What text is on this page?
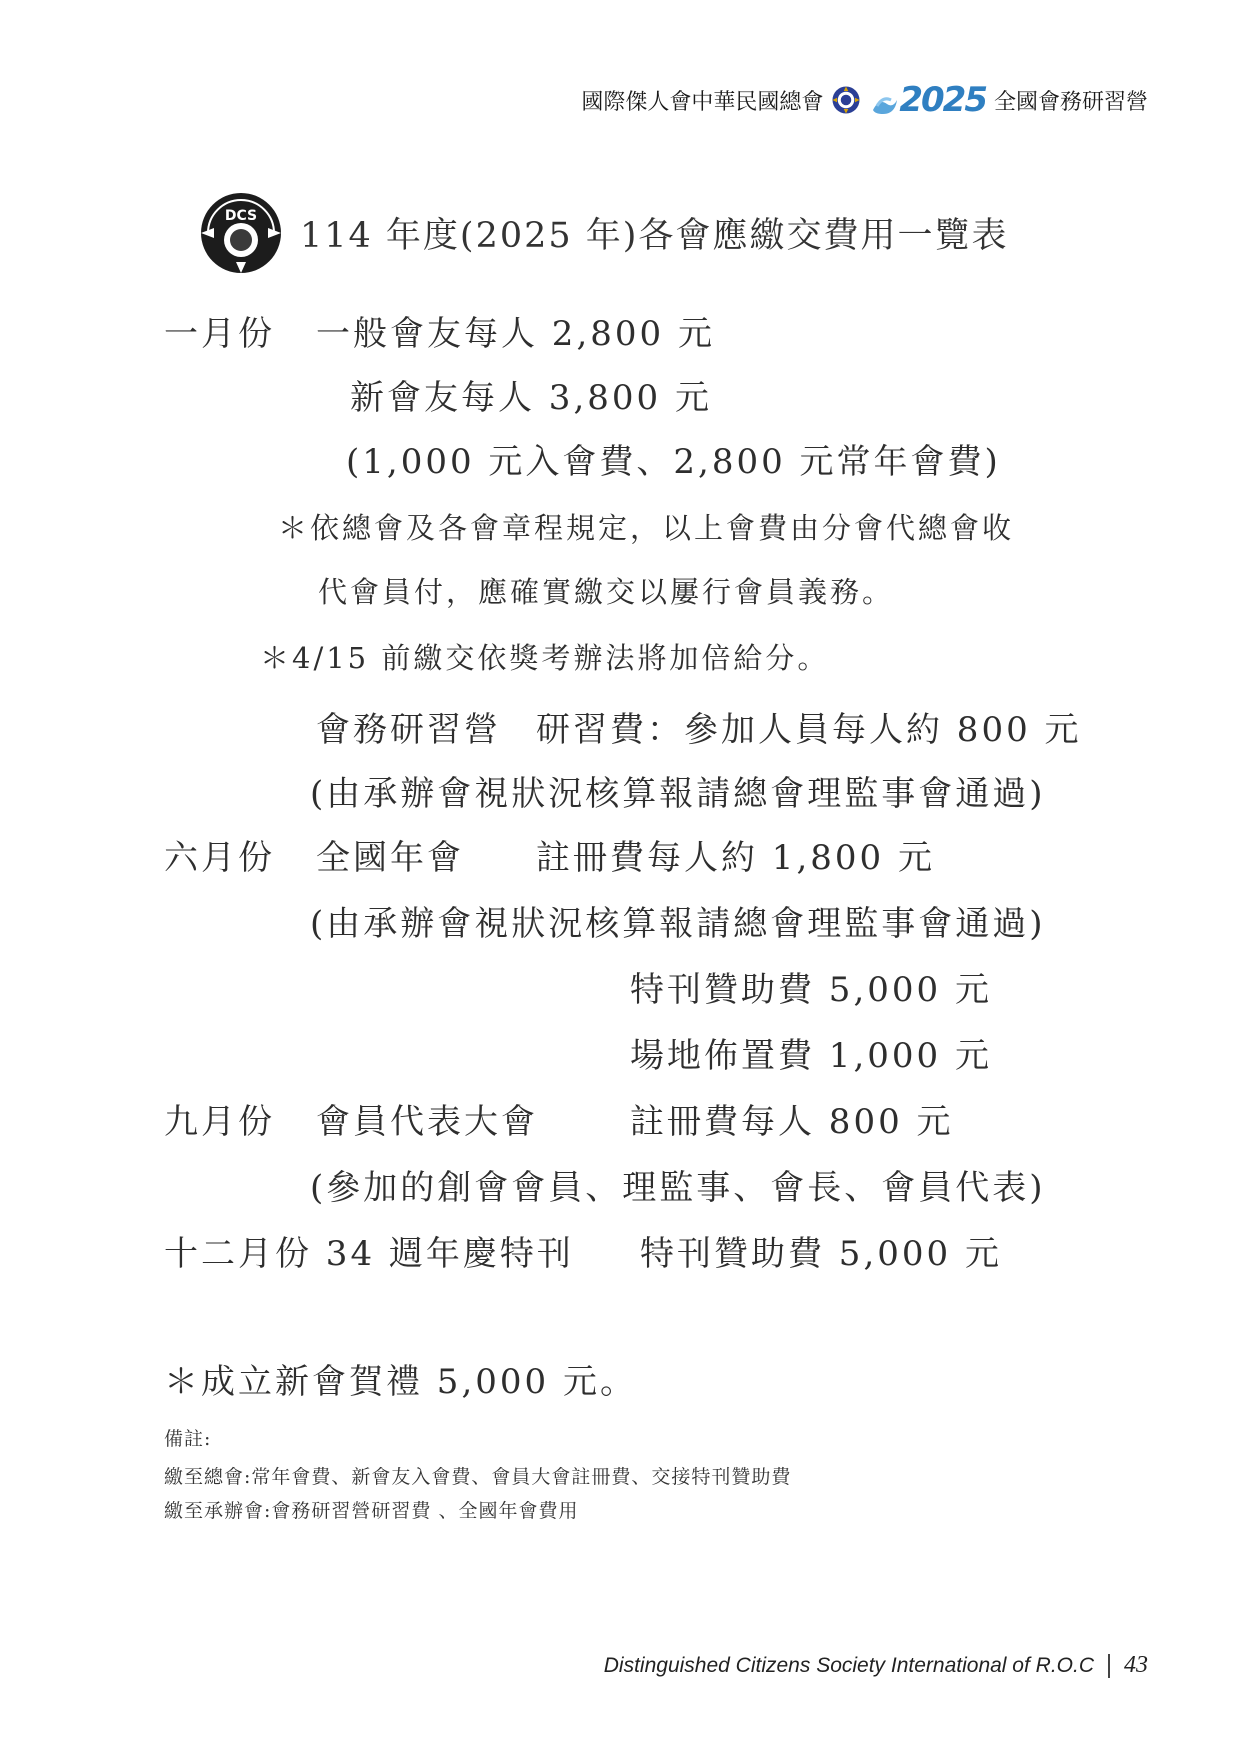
國際傑人會中華民國總會 2025 全國會務研習營
DCS 114 年度(2025 年)各會應繳交費用一覽表
一月份 一般會友每人 2,800 元
新會友每人 3,800 元
(1,000 元入會費、2,800 元常年會費)
＊依總會及各會章程規定，以上會費由分會代總會收
代會員付，應確實繳交以屢行會員義務。
＊4/15 前繳交依獎考辦法將加倍給分。
會務研習營 研習費：參加人員每人約 800 元
(由承辦會視狀況核算報請總會理監事會通過)
六月份 全國年會 註冊費每人約 1,800 元
(由承辦會視狀況核算報請總會理監事會通過)
特刊贊助費 5,000 元
場地佈置費 1,000 元
九月份 會員代表大會	註冊費每人 800 元
(參加的創會會員、理監事、會長、會員代表)
十二月份 34 週年慶特刊 特刊贊助費 5,000 元
＊成立新會賀禮 5,000 元。
備註:
繳至總會:常年會費、新會友入會費、會員大會註冊費、交接特刊贊助費
繳至承辦會:會務研習營研習費 、全國年會費用
Distinguished Citizens Society International of R.O.C 43
